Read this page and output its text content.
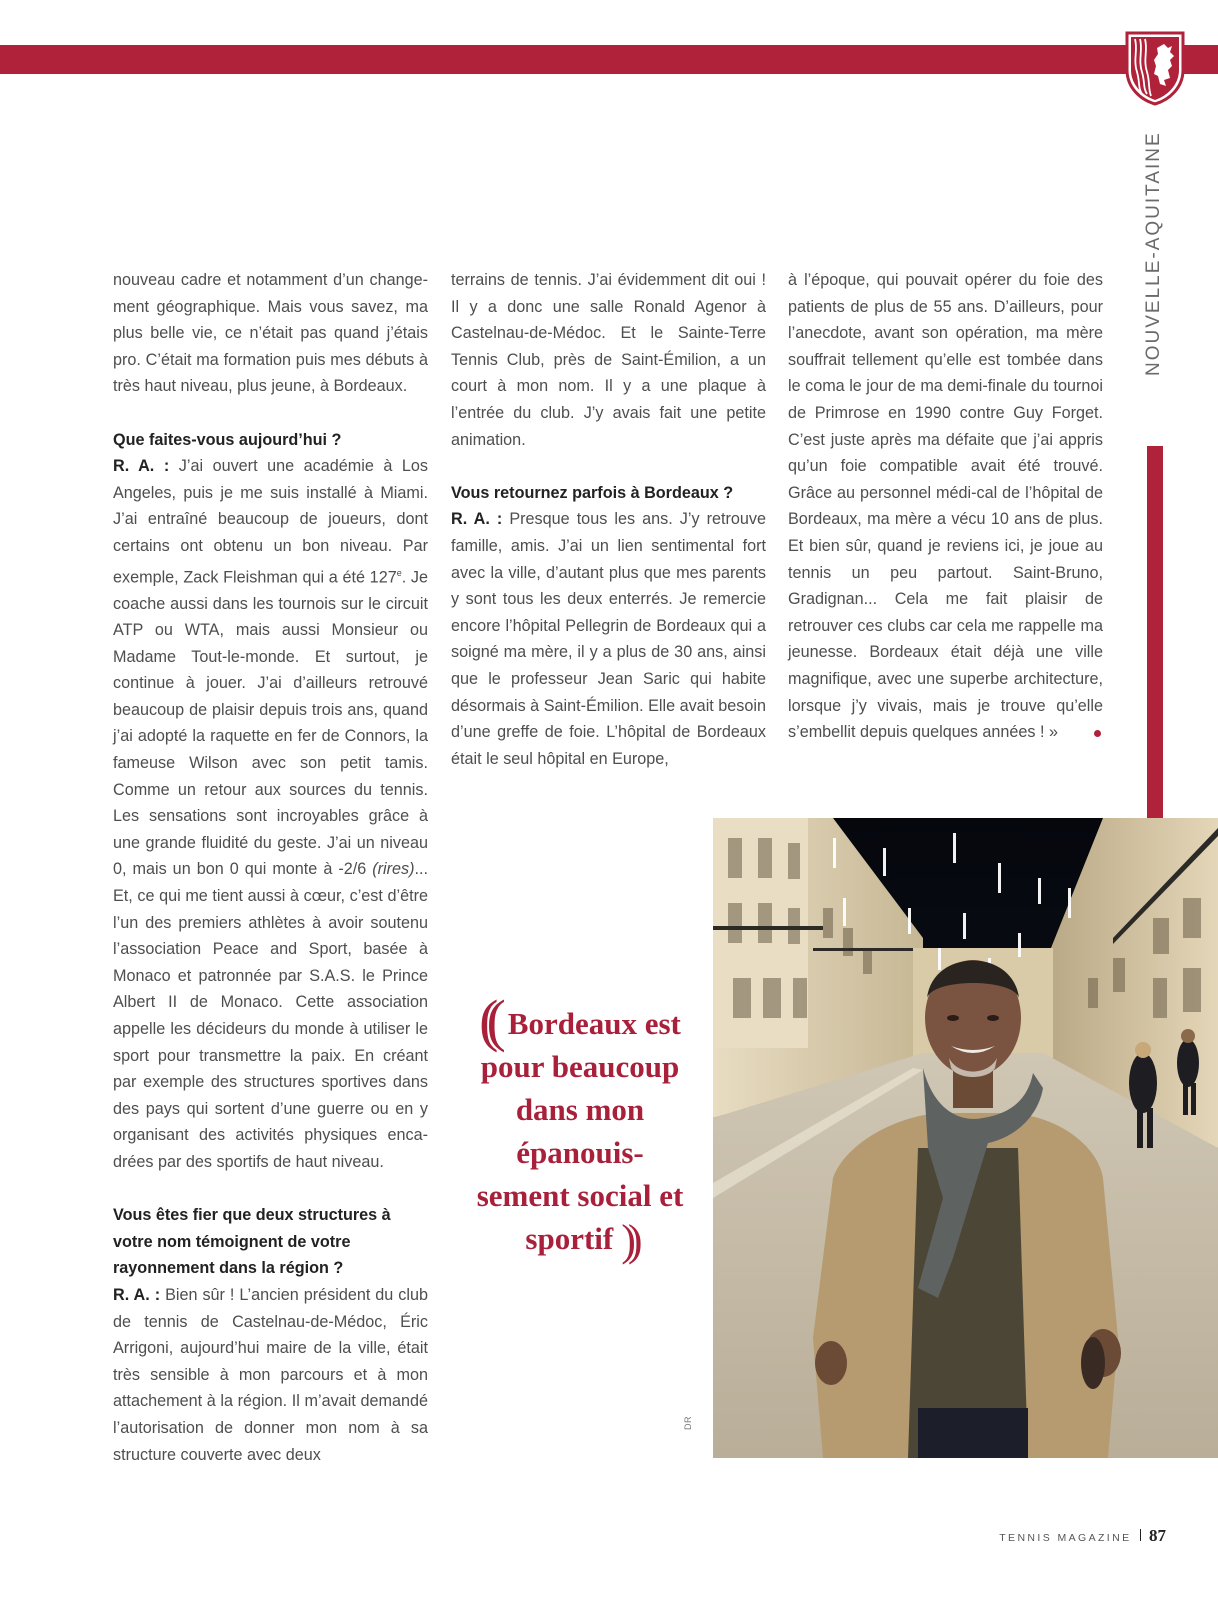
NOUVELLE-AQUITAINE

nouveau cadre et notamment d’un change-ment géographique. Mais vous savez, ma plus belle vie, ce n’était pas quand j’étais pro. C’était ma formation puis mes débuts à très haut niveau, plus jeune, à Bordeaux.

Que faites-vous aujourd’hui ?

R. A. : J’ai ouvert une académie à Los Angeles, puis je me suis installé à Miami. J’ai entraîné beaucoup de joueurs, dont certains ont obtenu un bon niveau. Par exemple, Zack Fleishman qui a été 127e. Je coache aussi dans les tournois sur le circuit ATP ou WTA, mais aussi Monsieur ou Madame Tout-le-monde. Et surtout, je continue à jouer. J’ai d’ailleurs retrouvé beaucoup de plaisir depuis trois ans, quand j’ai adopté la raquette en fer de Connors, la fameuse Wilson avec son petit tamis. Comme un retour aux sources du tennis. Les sensations sont incroyables grâce à une grande fluidité du geste. J’ai un niveau 0, mais un bon 0 qui monte à -2/6 (rires)... Et, ce qui me tient aussi à cœur, c’est d’être l’un des premiers athlètes à avoir soutenu l’association Peace and Sport, basée à Monaco et patronnée par S.A.S. le Prince Albert II de Monaco. Cette association appelle les décideurs du monde à utiliser le sport pour transmettre la paix. En créant par exemple des structures sportives dans des pays qui sortent d’une guerre ou en y organisant des activités physiques enca-drées par des sportifs de haut niveau.

Vous êtes fier que deux structures à votre nom témoignent de votre rayonnement dans la région ?

R. A. : Bien sûr ! L’ancien président du club de tennis de Castelnau-de-Médoc, Éric Arrigoni, aujourd’hui maire de la ville, était très sensible à mon parcours et à mon attachement à la région. Il m’avait demandé l’autorisation de donner mon nom à sa structure couverte avec deux

terrains de tennis. J’ai évidemment dit oui ! Il y a donc une salle Ronald Agenor à Castelnau-de-Médoc. Et le Sainte-Terre Tennis Club, près de Saint-Émilion, a un court à mon nom. Il y a une plaque à l’entrée du club. J’y avais fait une petite animation.

Vous retournez parfois à Bordeaux ?

R. A. : Presque tous les ans. J’y retrouve famille, amis. J’ai un lien sentimental fort avec la ville, d’autant plus que mes parents y sont tous les deux enterrés. Je remercie encore l’hôpital Pellegrin de Bordeaux qui a soigné ma mère, il y a plus de 30 ans, ainsi que le professeur Jean Saric qui habite désormais à Saint-Émilion. Elle avait besoin d’une greffe de foie. L’hôpital de Bordeaux était le seul hôpital en Europe,

à l’époque, qui pouvait opérer du foie des patients de plus de 55 ans. D’ailleurs, pour l’anecdote, avant son opération, ma mère souffrait tellement qu’elle est tombée dans le coma le jour de ma demi-finale du tournoi de Primrose en 1990 contre Guy Forget. C’est juste après ma défaite que j’ai appris qu’un foie compatible avait été trouvé. Grâce au personnel médi-cal de l’hôpital de Bordeaux, ma mère a vécu 10 ans de plus. Et bien sûr, quand je reviens ici, je joue au tennis un peu partout. Saint-Bruno, Gradignan... Cela me fait plaisir de retrouver ces clubs car cela me rappelle ma jeunesse. Bordeaux était déjà une ville magnifique, avec une superbe architecture, lorsque j’y vivais, mais je trouve qu’elle s’embellit depuis quelques années ! »

DR
(( Bordeaux est pour beaucoup dans mon épanouis-sement social et sportif ))
TENNIS MAGAZINE 87
